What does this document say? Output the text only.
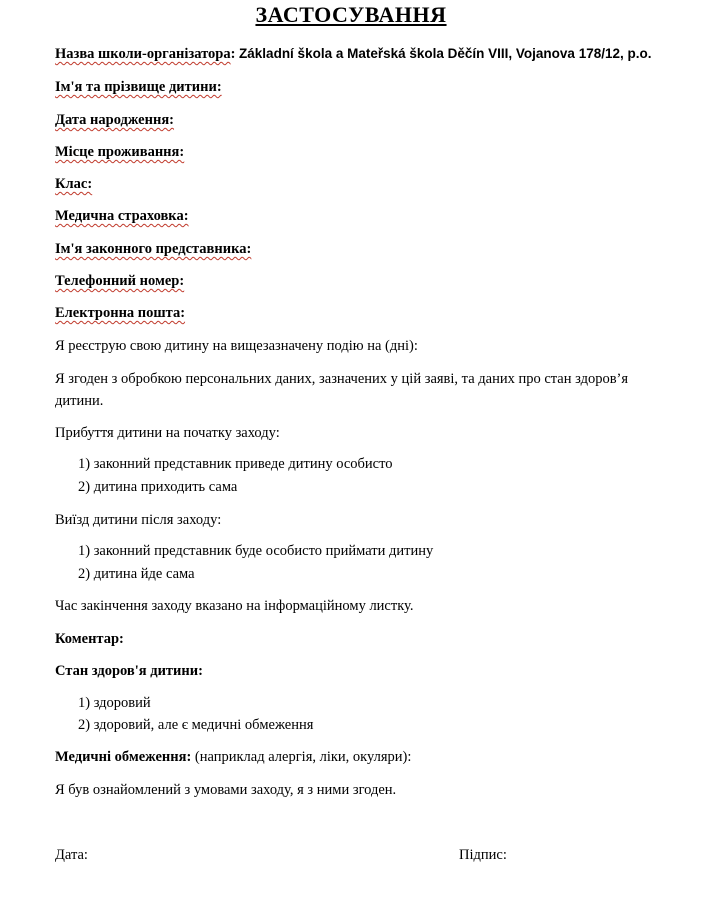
ЗАСТОСУВАННЯ
Назва школи-організатора: Základní škola a Mateřská škola Děčín VIII, Vojanova 178/12, p.o.
Ім'я та прізвище дитини:
Дата народження:
Місце проживання:
Клас:
Медична страховка:
Ім'я законного представника:
Телефонний номер:
Електронна пошта:
Я реєструю свою дитину на вищезазначену подію на (дні):
Я згоден з обробкою персональних даних, зазначених у цій заяві, та даних про стан здоров’я дитини.
Прибуття дитини на початку заходу:
1) законний представник приведе дитину особисто
2) дитина приходить сама
Виїзд дитини після заходу:
1) законний представник буде особисто приймати дитину
2) дитина йде сама
Час закінчення заходу вказано на інформаційному листку.
Коментар:
Стан здоров'я дитини:
1) здоровий
2) здоровий, але є медичні обмеження
Медичні обмеження: (наприклад алергія, ліки, окуляри):
Я був ознайомлений з умовами заходу, я з ними згоден.
Дата:	Підпис:
